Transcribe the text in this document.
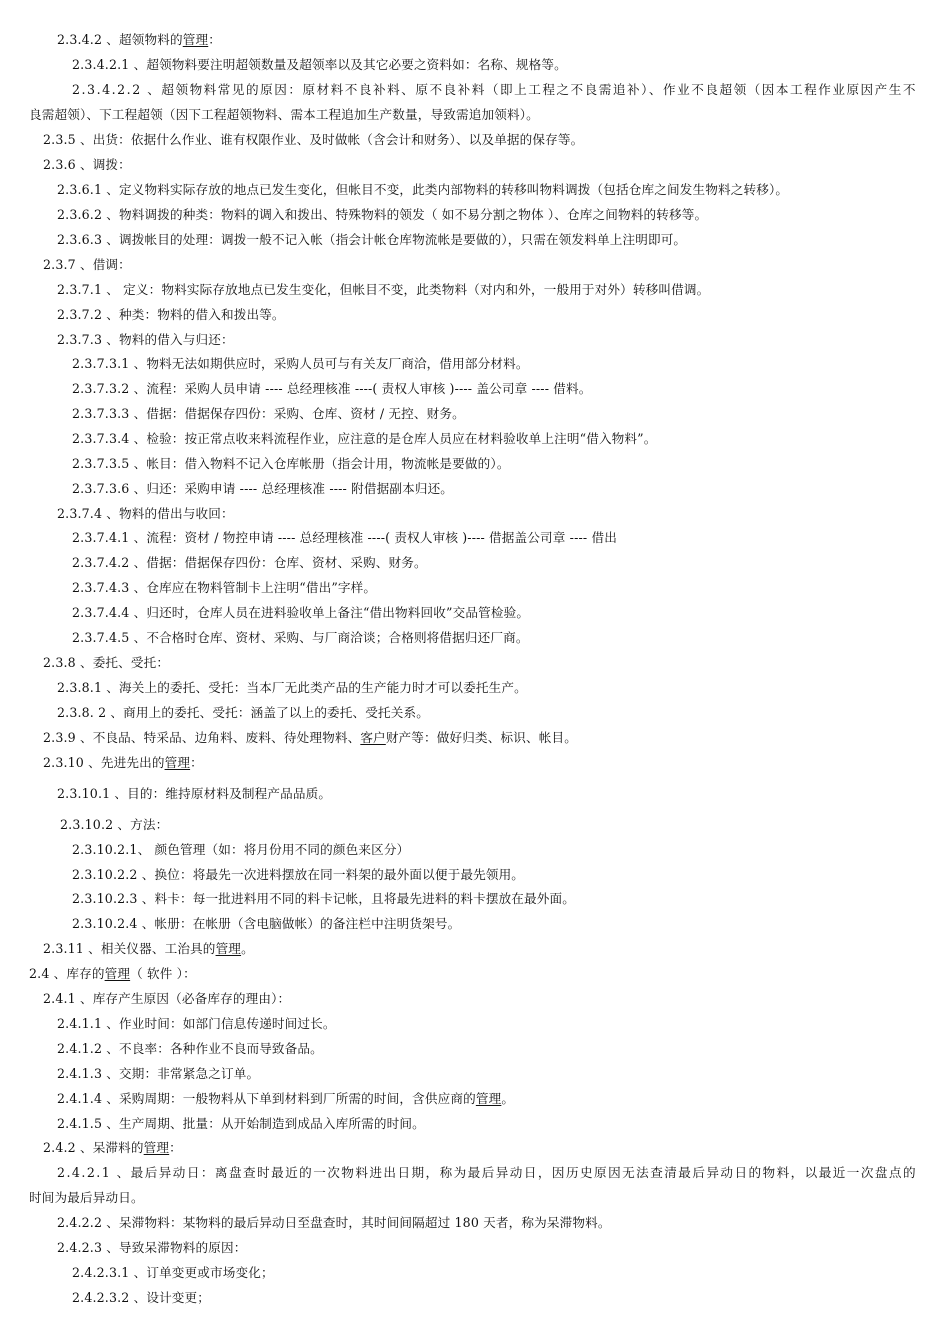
2.3.4.2 、超领物料的管理：
2.3.4.2.1 、超领物料要注明超领数量及超领率以及其它必要之资料如：名称、规格等。
2.3.4.2.2 、超领物料常见的原因：原材料不良补料、原不良补料（即上工程之不良需追补）、作业不良超领（因本工程作业原因产生不
良需超领）、下工程超领（因下工程超领物料、需本工程追加生产数量，导致需追加领料）。
2.3.5 、出货：依据什么作业、谁有权限作业、及时做帐（含会计和财务）、以及单据的保存等。
2.3.6 、调拨：
2.3.6.1 、定义物料实际存放的地点已发生变化，但帐目不变，此类内部物料的转移叫物料调拨（包括仓库之间发生物料之转移）。
2.3.6.2 、物料调拨的种类：物料的调入和拨出、特殊物料的领发（ 如不易分割之物体 ）、仓库之间物料的转移等。
2.3.6.3 、调拨帐目的处理：调拨一般不记入帐（指会计帐仓库物流帐是要做的），只需在领发料单上注明即可。
2.3.7 、借调：
2.3.7.1 、 定义：物料实际存放地点已发生变化，但帐目不变，此类物料（对内和外，一般用于对外）转移叫借调。
2.3.7.2 、种类：物料的借入和拨出等。
2.3.7.3 、物料的借入与归还：
2.3.7.3.1 、物料无法如期供应时，采购人员可与有关友厂商洽，借用部分材料。
2.3.7.3.2 、流程：采购人员申请 ---- 总经理核准 ----( 责权人审核 )---- 盖公司章 ---- 借料。
2.3.7.3.3 、借据：借据保存四份：采购、仓库、资材 / 无控、财务。
2.3.7.3.4 、检验：按正常点收来料流程作业，应注意的是仓库人员应在材料验收单上注明“借入物料”。
2.3.7.3.5 、帐目：借入物料不记入仓库帐册（指会计用，物流帐是要做的）。
2.3.7.3.6 、归还：采购申请 ---- 总经理核准 ---- 附借据副本归还。
2.3.7.4 、物料的借出与收回：
2.3.7.4.1 、流程：资材 / 物控申请 ---- 总经理核准 ----( 责权人审核 )---- 借据盖公司章 ---- 借出
2.3.7.4.2 、借据：借据保存四份：仓库、资材、采购、财务。
2.3.7.4.3 、仓库应在物料管制卡上注明“借出”字样。
2.3.7.4.4 、归还时，仓库人员在进料验收单上备注“借出物料回收”交品管检验。
2.3.7.4.5 、不合格时仓库、资材、采购、与厂商洽谈；合格则将借据归还厂商。
2.3.8 、委托、受托：
2.3.8.1 、海关上的委托、受托：当本厂无此类产品的生产能力时才可以委托生产。
2.3.8. 2 、商用上的委托、受托：涵盖了以上的委托、受托关系。
2.3.9 、不良品、特采品、边角料、废料、待处理物料、客户财产等：做好归类、标识、帐目。
2.3.10 、先进先出的管理：
2.3.10.1 、目的：维持原材料及制程产品品质。
2.3.10.2 、方法：
2.3.10.2.1、 颜色管理（如：将月份用不同的颜色来区分）
2.3.10.2.2 、换位：将最先一次进料摆放在同一料架的最外面以便于最先领用。
2.3.10.2.3 、料卡：每一批进料用不同的料卡记帐，且将最先进料的料卡摆放在最外面。
2.3.10.2.4 、帐册：在帐册（含电脑做帐）的备注栏中注明货架号。
2.3.11 、相关仪器、工治具的管理。
2.4 、库存的管理（ 软件 ）：
2.4.1 、库存产生原因（必备库存的理由）：
2.4.1.1 、作业时间：如部门信息传递时间过长。
2.4.1.2 、不良率：各种作业不良而导致备品。
2.4.1.3 、交期：非常紧急之订单。
2.4.1.4 、采购周期：一般物料从下单到材料到厂所需的时间，含供应商的管理。
2.4.1.5 、生产周期、批量：从开始制造到成品入库所需的时间。
2.4.2 、呆滞料的管理：
2.4.2.1 、最后异动日：离盘查时最近的一次物料进出日期，称为最后异动日，因历史原因无法查清最后异动日的物料，以最近一次盘点的
时间为最后异动日。
2.4.2.2 、呆滞物料：某物料的最后异动日至盘查时，其时间间隔超过 180 天者，称为呆滞物料。
2.4.2.3 、导致呆滞物料的原因：
2.4.2.3.1 、订单变更或市场变化；
2.4.2.3.2 、设计变更；
